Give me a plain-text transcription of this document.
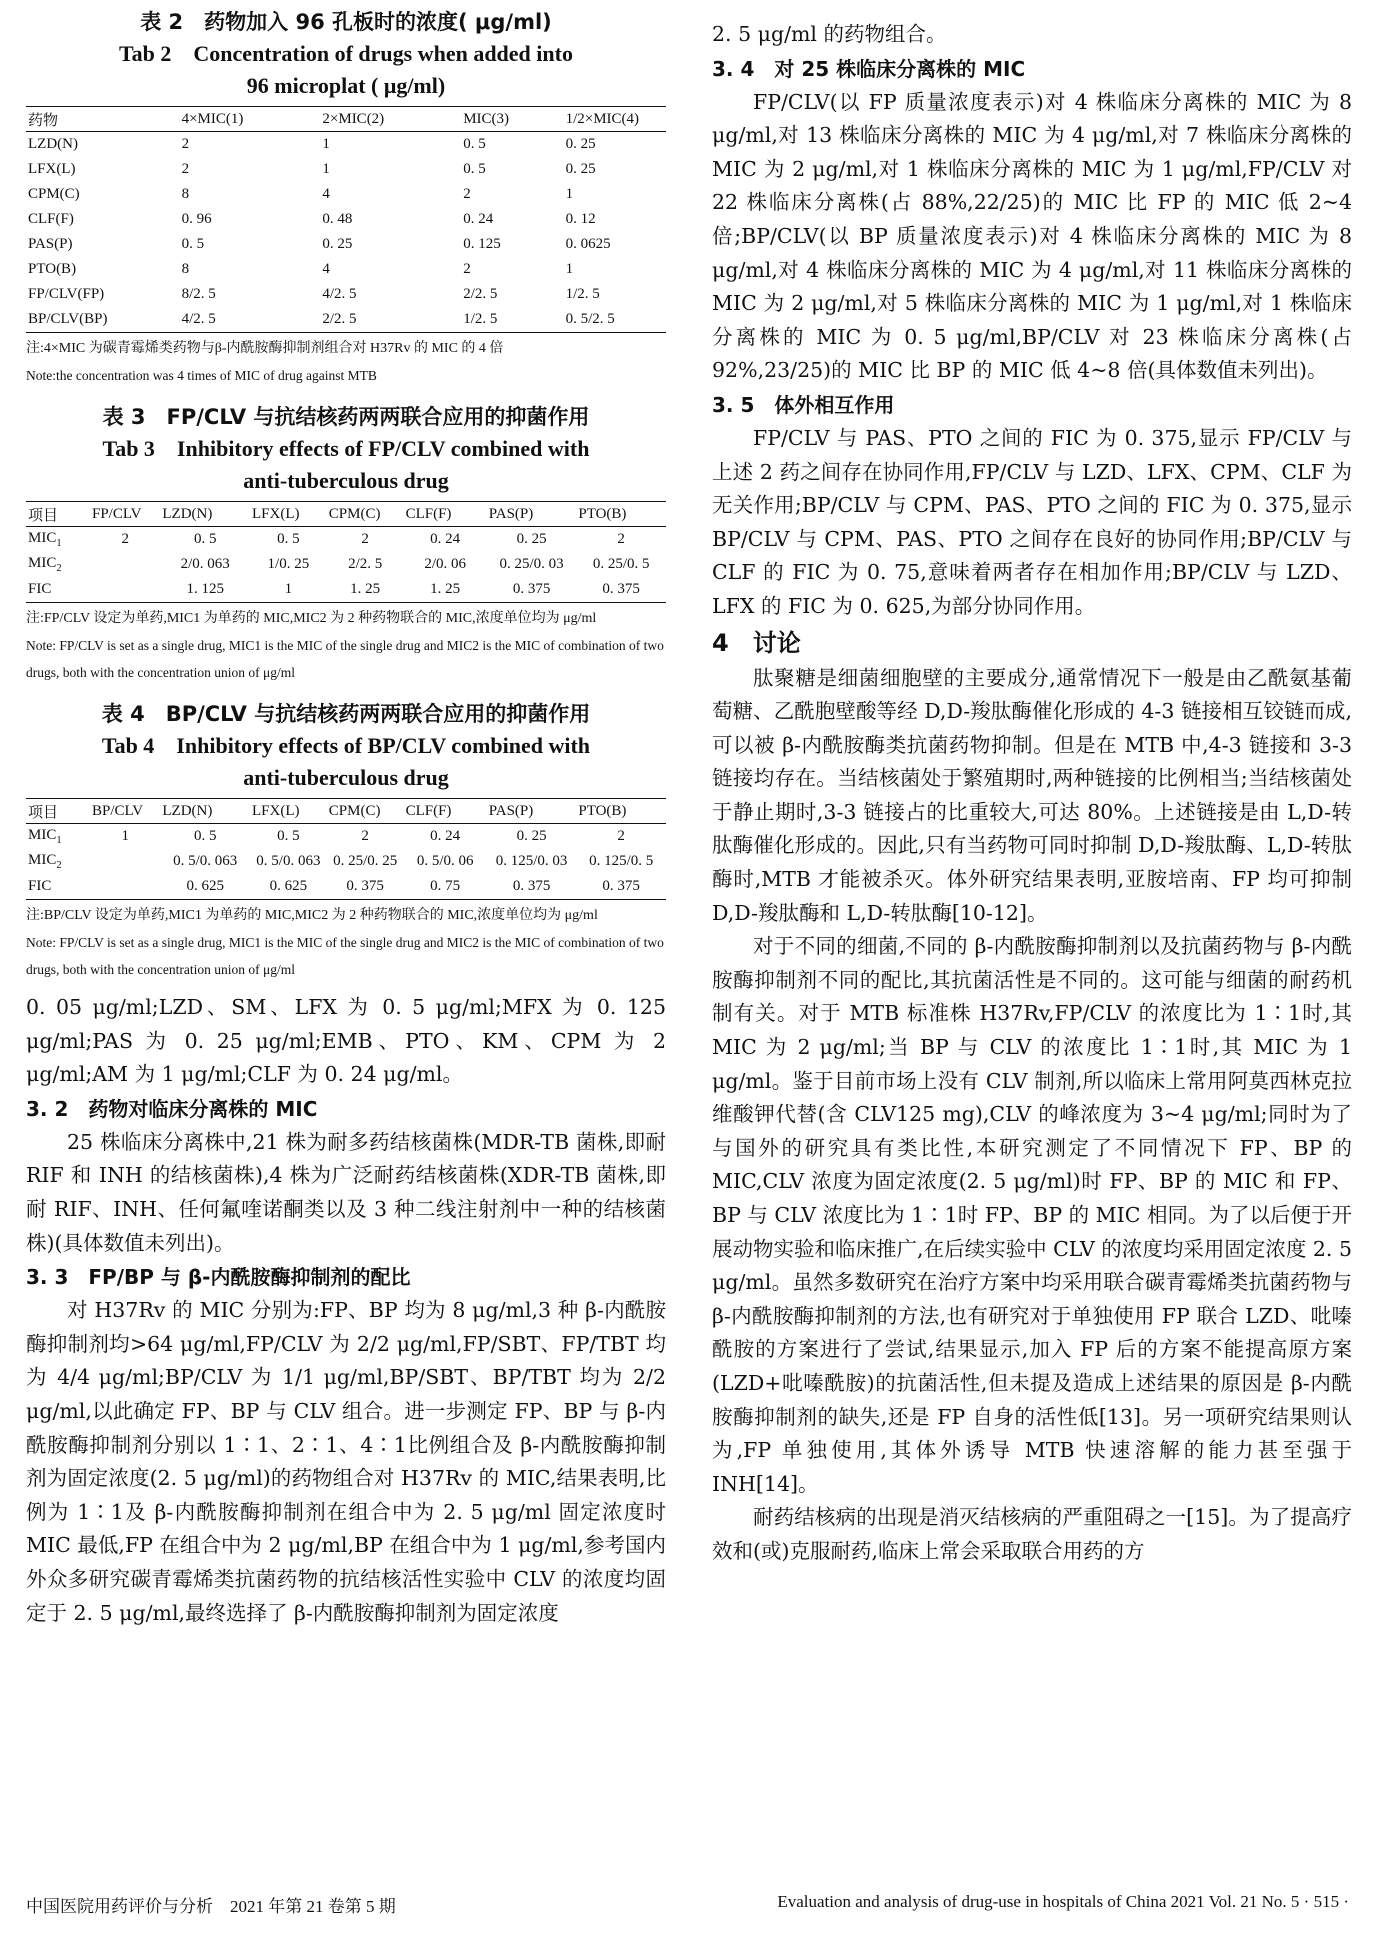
表 2　药物加入 96 孔板时的浓度( μg/ml)
Tab 2　Concentration of drugs when added into
96 microplat ( μg/ml)
药物	4×MIC(1)	2×MIC(2)	MIC(3)	1/2×MIC(4)
LZD(N)	2	1	0. 5	0. 25
LFX(L)	2	1	0. 5	0. 25
CPM(C)	8	4	2	1
CLF(F)	0. 96	0. 48	0. 24	0. 12
PAS(P)	0. 5	0. 25	0. 125	0. 0625
PTO(B)	8	4	2	1
FP/CLV(FP)	8/2. 5	4/2. 5	2/2. 5	1/2. 5
BP/CLV(BP)	4/2. 5	2/2. 5	1/2. 5	0. 5/2. 5
注:4×MIC 为碳青霉烯类药物与β-内酰胺酶抑制剂组合对 H37Rv 的 MIC 的 4 倍
Note:the concentration was 4 times of MIC of drug against MTB
表 3　FP/CLV 与抗结核药两两联合应用的抑菌作用
Tab 3　Inhibitory effects of FP/CLV combined with
anti-tuberculous drug
项目	FP/CLV	LZD(N)	LFX(L)	CPM(C)	CLF(F)	PAS(P)	PTO(B)
$MIC_1$	2	0. 5	0. 5	2	0. 24	0. 25	2
$MIC_2$		2/0. 063	1/0. 25	2/2. 5	2/0. 06	0. 25/0. 03	0. 25/0. 5
FIC		1. 125	1	1. 25	1. 25	0. 375	0. 375
注:FP/CLV 设定为单药,MIC1 为单药的 MIC,MIC2 为 2 种药物联合的 MIC,浓度单位均为 μg/ml
Note: FP/CLV is set as a single drug, MIC1 is the MIC of the single drug and MIC2 is the MIC of combination of two drugs, both with the concentration union of μg/ml
表 4　BP/CLV 与抗结核药两两联合应用的抑菌作用
Tab 4　Inhibitory effects of BP/CLV combined with
anti-tuberculous drug
项目	BP/CLV	LZD(N)	LFX(L)	CPM(C)	CLF(F)	PAS(P)	PTO(B)
$MIC_1$	1	0. 5	0. 5	2	0. 24	0. 25	2
$MIC_2$		0. 5/0. 063	0. 5/0. 063	0. 25/0. 25	0. 5/0. 06	0. 125/0. 03	0. 125/0. 5
FIC		0. 625	0. 625	0. 375	0. 75	0. 375	0. 375
注:BP/CLV 设定为单药,MIC1 为单药的 MIC,MIC2 为 2 种药物联合的 MIC,浓度单位均为 μg/ml
Note: FP/CLV is set as a single drug, MIC1 is the MIC of the single drug and MIC2 is the MIC of combination of two drugs, both with the concentration union of μg/ml

0. 05 μg/ml;LZD、SM、LFX 为 0. 5 μg/ml;MFX 为 0. 125 μg/ml;PAS 为 0. 25 μg/ml;EMB、PTO、KM、CPM 为 2 μg/ml;AM 为 1 μg/ml;CLF 为 0. 24 μg/ml。

3. 2　药物对临床分离株的 MIC

25 株临床分离株中,21 株为耐多药结核菌株(MDR-TB 菌株,即耐 RIF 和 INH 的结核菌株),4 株为广泛耐药结核菌株(XDR-TB 菌株,即耐 RIF、INH、任何氟喹诺酮类以及 3 种二线注射剂中一种的结核菌株)(具体数值未列出)。

3. 3　FP/BP 与 β-内酰胺酶抑制剂的配比

对 H37Rv 的 MIC 分别为:FP、BP 均为 8 μg/ml,3 种 β-内酰胺酶抑制剂均>64 μg/ml,FP/CLV 为 2/2 μg/ml,FP/SBT、FP/TBT 均为 4/4 μg/ml;BP/CLV 为 1/1 μg/ml,BP/SBT、BP/TBT 均为 2/2 μg/ml,以此确定 FP、BP 与 CLV 组合。进一步测定 FP、BP 与 β-内酰胺酶抑制剂分别以 1∶1、2∶1、4∶1比例组合及 β-内酰胺酶抑制剂为固定浓度(2. 5 μg/ml)的药物组合对 H37Rv 的 MIC,结果表明,比例为 1∶1及 β-内酰胺酶抑制剂在组合中为 2. 5 μg/ml 固定浓度时 MIC 最低,FP 在组合中为 2 μg/ml,BP 在组合中为 1 μg/ml,参考国内外众多研究碳青霉烯类抗菌药物的抗结核活性实验中 CLV 的浓度均固定于 2. 5 μg/ml,最终选择了 β-内酰胺酶抑制剂为固定浓度

2. 5 μg/ml 的药物组合。

3. 4　对 25 株临床分离株的 MIC

FP/CLV(以 FP 质量浓度表示)对 4 株临床分离株的 MIC 为 8 μg/ml,对 13 株临床分离株的 MIC 为 4 μg/ml,对 7 株临床分离株的 MIC 为 2 μg/ml,对 1 株临床分离株的 MIC 为 1 μg/ml,FP/CLV 对 22 株临床分离株(占 88%,22/25)的 MIC 比 FP 的 MIC 低 2~4 倍;BP/CLV(以 BP 质量浓度表示)对 4 株临床分离株的 MIC 为 8 μg/ml,对 4 株临床分离株的 MIC 为 4 μg/ml,对 11 株临床分离株的 MIC 为 2 μg/ml,对 5 株临床分离株的 MIC 为 1 μg/ml,对 1 株临床分离株的 MIC 为 0. 5 μg/ml,BP/CLV 对 23 株临床分离株(占 92%,23/25)的 MIC 比 BP 的 MIC 低 4~8 倍(具体数值未列出)。

3. 5　体外相互作用

FP/CLV 与 PAS、PTO 之间的 FIC 为 0. 375,显示 FP/CLV 与上述 2 药之间存在协同作用,FP/CLV 与 LZD、LFX、CPM、CLF 为无关作用;BP/CLV 与 CPM、PAS、PTO 之间的 FIC 为 0. 375,显示 BP/CLV 与 CPM、PAS、PTO 之间存在良好的协同作用;BP/CLV 与 CLF 的 FIC 为 0. 75,意味着两者存在相加作用;BP/CLV 与 LZD、LFX 的 FIC 为 0. 625,为部分协同作用。

4　讨论

肽聚糖是细菌细胞壁的主要成分,通常情况下一般是由乙酰氨基葡萄糖、乙酰胞壁酸等经 D,D-羧肽酶催化形成的 4-3 链接相互铰链而成,可以被 β-内酰胺酶类抗菌药物抑制。但是在 MTB 中,4-3 链接和 3-3 链接均存在。当结核菌处于繁殖期时,两种链接的比例相当;当结核菌处于静止期时,3-3 链接占的比重较大,可达 80%。上述链接是由 L,D-转肽酶催化形成的。因此,只有当药物可同时抑制 D,D-羧肽酶、L,D-转肽酶时,MTB 才能被杀灭。体外研究结果表明,亚胺培南、FP 均可抑制 D,D-羧肽酶和 L,D-转肽酶[10-12]。

对于不同的细菌,不同的 β-内酰胺酶抑制剂以及抗菌药物与 β-内酰胺酶抑制剂不同的配比,其抗菌活性是不同的。这可能与细菌的耐药机制有关。对于 MTB 标准株 H37Rv,FP/CLV 的浓度比为 1∶1时,其 MIC 为 2 μg/ml;当 BP 与 CLV 的浓度比 1∶1时,其 MIC 为 1 μg/ml。鉴于目前市场上没有 CLV 制剂,所以临床上常用阿莫西林克拉维酸钾代替(含 CLV125 mg),CLV 的峰浓度为 3~4 μg/ml;同时为了与国外的研究具有类比性,本研究测定了不同情况下 FP、BP 的 MIC,CLV 浓度为固定浓度(2. 5 μg/ml)时 FP、BP 的 MIC 和 FP、BP 与 CLV 浓度比为 1∶1时 FP、BP 的 MIC 相同。为了以后便于开展动物实验和临床推广,在后续实验中 CLV 的浓度均采用固定浓度 2. 5 μg/ml。虽然多数研究在治疗方案中均采用联合碳青霉烯类抗菌药物与 β-内酰胺酶抑制剂的方法,也有研究对于单独使用 FP 联合 LZD、吡嗪酰胺的方案进行了尝试,结果显示,加入 FP 后的方案不能提高原方案(LZD+吡嗪酰胺)的抗菌活性,但未提及造成上述结果的原因是 β-内酰胺酶抑制剂的缺失,还是 FP 自身的活性低[13]。另一项研究结果则认为,FP 单独使用,其体外诱导 MTB 快速溶解的能力甚至强于 INH[14]。

耐药结核病的出现是消灭结核病的严重阻碍之一[15]。为了提高疗效和(或)克服耐药,临床上常会采取联合用药的方

中国医院用药评价与分析　2021 年第 21 卷第 5 期	Evaluation and analysis of drug-use in hospitals of China 2021 Vol. 21 No. 5 · 515 ·
